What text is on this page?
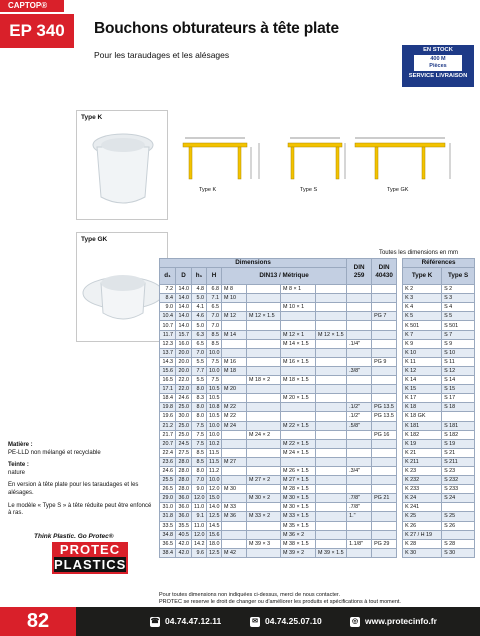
CAPTOP®
EP 340	Bouchons obturateurs à tête plate
Pour les taraudages et les alésages	EN STOCK
400 M
Pièces
SERVICE LIVRAISON
Type K
Type GK
Type K	Type S	Type GK
Toutes les dimensions en mm
Dimensions								DIN 259	DIN 40430		Références	
d₁	D	h₁	H	DIN13 / Métrique							Type K	Type S
7.2	14.0	4.8	6.8	M 8		M 8 × 1					K 2	S 2
8.4	14.0	5.0	7.1	M 10							K 3	S 3
9.0	14.0	4.1	6.5			M 10 × 1					K 4	S 4
10.4	14.0	4.6	7.0	M 12	M 12 × 1.5				PG 7		K 5	S 5
10.7	14.0	5.0	7.0								K 501	S 501
11.7	15.7	6.3	8.5	M 14		M 12 × 1	M 12 × 1.5				K 7	S 7
12.3	16.0	6.5	8.5			M 14 × 1.5		.1/4"			K 9	S 9
13.7	20.0	7.0	10.0								K 10	S 10
14.3	20.0	5.5	7.5	M 16		M 16 × 1.5			PG 9		K 11	S 11
15.6	20.0	7.7	10.0	M 18				.3/8"			K 12	S 12
16.5	22.0	5.5	7.5		M 18 × 2	M 18 × 1.5					K 14	S 14
17.1	22.0	8.0	10.5	M 20							K 15	S 15
18.4	24.6	8.3	10.5			M 20 × 1.5					K 17	S 17
19.8	25.0	8.0	10.8	M 22				.1/2"	PG 13.5		K 18	S 18
19.6	30.0	8.0	10.5	M 22				.1/2"	PG 13.5		K 18 GK	
21.2	25.0	7.5	10.0	M 24		M 22 × 1.5		.5/8"			K 181	S 181
21.7	25.0	7.5	10.0		M 24 × 2				PG 16		K 182	S 182
20.7	24.5	7.5	10.2			M 22 × 1.5					K 19	S 19
22.4	27.5	8.5	11.5			M 24 × 1.5					K 21	S 21
23.6	28.0	8.5	11.5	M 27							K 211	S 211
24.6	28.0	8.0	11.2			M 26 × 1.5		.3/4"			K 23	S 23
25.5	28.0	7.0	10.0		M 27 × 2	M 27 × 1.5					K 232	S 232
26.5	28.0	9.0	12.0	M 30		M 28 × 1.5					K 233	S 233
29.0	36.0	12.0	15.0		M 30 × 2	M 30 × 1.5		.7/8"	PG 21		K 24	S 24
31.0	36.0	11.0	14.0	M 33		M 30 × 1.5		.7/8"			K 241	
31.8	36.0	9.1	12.5	M 36	M 33 × 2	M 33 × 1.5		1."			K 25	S 25
33.5	35.5	11.0	14.5			M 35 × 1.5					K 26	S 26
34.8	40.5	12.0	15.6			M 36 × 2					K 27 / H 19	
36.5	42.0	14.2	18.0		M 39 × 3	M 38 × 1.5		1.1/8"	PG 29		K 28	S 28
38.4	42.0	9.6	12.5	M 42		M 39 × 2	M 39 × 1.5				K 30	S 30
Pour toutes dimensions non indiquées ci-dessus, merci de nous contacter.
PROTEC se reserve le droit de changer ou d'améliorer les produits et spécifications à tout moment.
Matière :
PE-LLD non mélangé et recyclable
Teinte :
nature
En version à tête plate pour les taraudages et les alésages.
Le modèle « Type S » à tête réduite peut être enfoncé à ras.
Think Plastic. Go Protec®
PROTEC
PLASTICS
82	☎ 04.74.47.12.11	✉ 04.74.25.07.10	◎ www.protecinfo.fr
